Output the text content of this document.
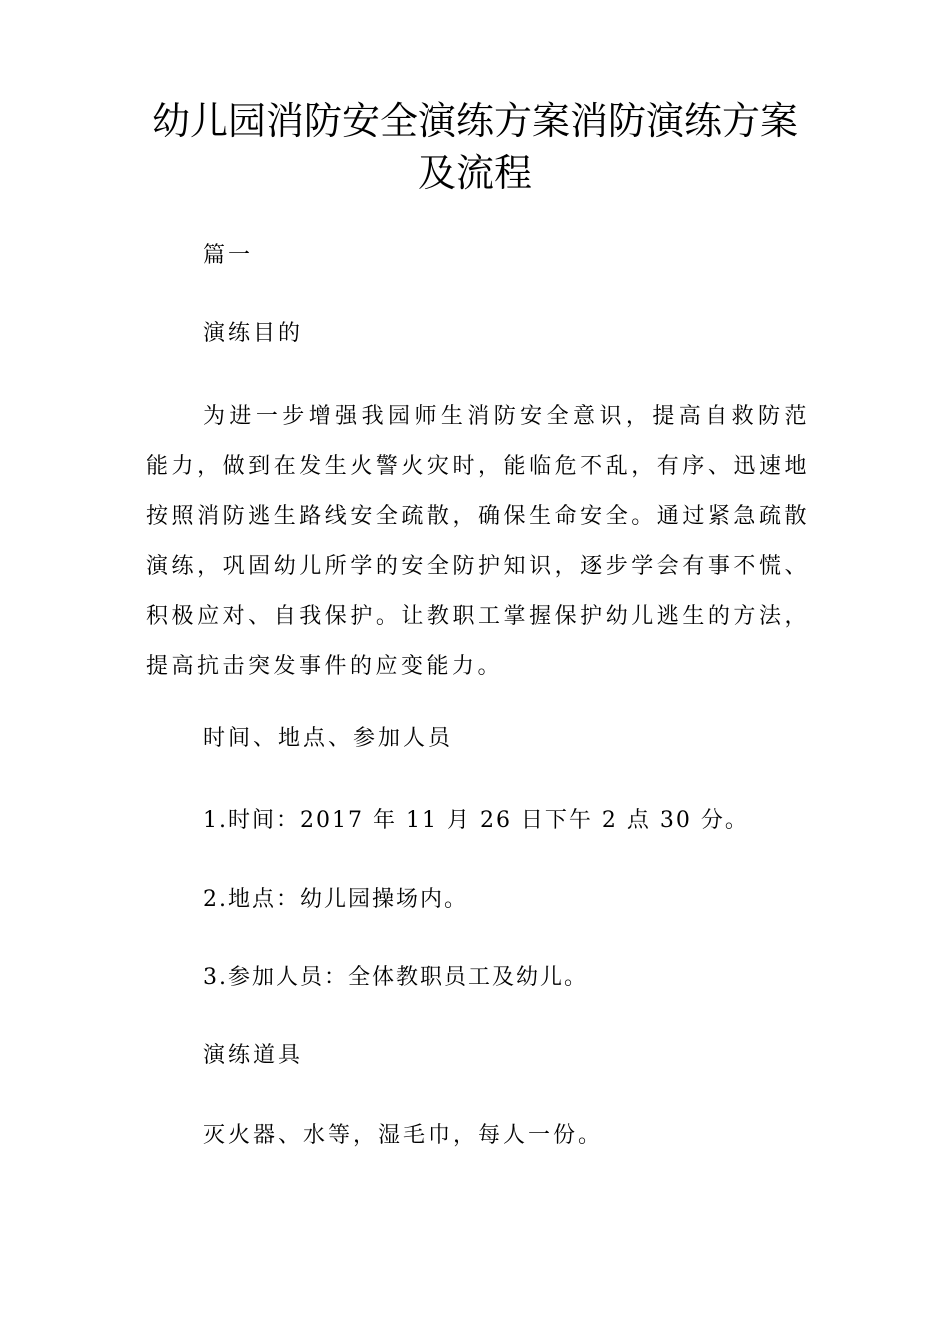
幼儿园消防安全演练方案消防演练方案及流程

篇一

演练目的

为进一步增强我园师生消防安全意识，提高自救防范能力，做到在发生火警火灾时，能临危不乱，有序、迅速地按照消防逃生路线安全疏散，确保生命安全。通过紧急疏散演练，巩固幼儿所学的安全防护知识，逐步学会有事不慌、积极应对、自我保护。让教职工掌握保护幼儿逃生的方法，提高抗击突发事件的应变能力。

时间、地点、参加人员

1.时间：2017 年 11 月 26 日下午 2 点 30 分。

2.地点：幼儿园操场内。

3.参加人员：全体教职员工及幼儿。

演练道具

灭火器、水等，湿毛巾，每人一份。
